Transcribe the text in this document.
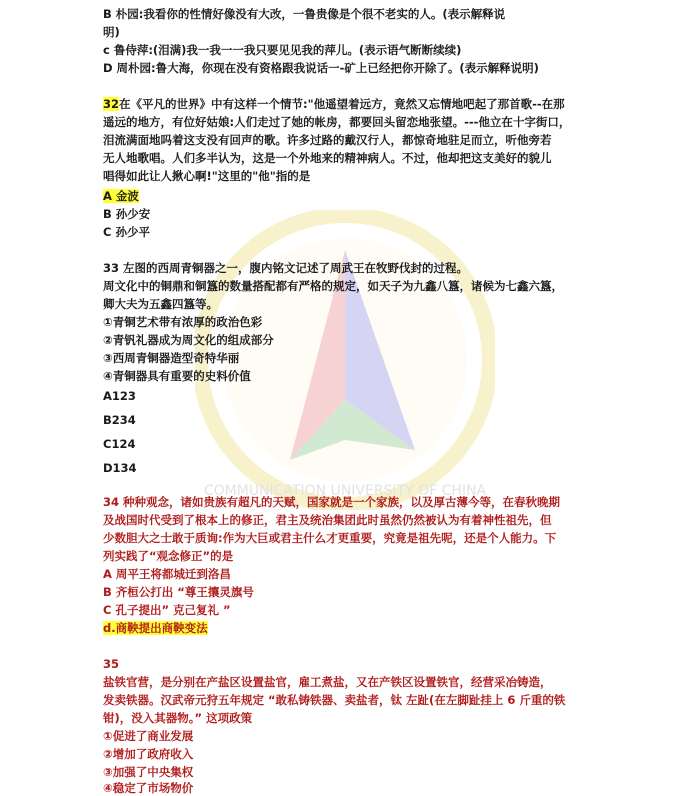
COMMUNICATION UNIVERSITY OF CHINA
B 朴园:我看你的性情好像没有大改，一鲁贵像是个很不老实的人。(表示解释说
明)
c 鲁侍萍:(泪满)我一我一一我只要见见我的萍儿。(表示语气断断续续)
D 周朴园:鲁大海，你现在没有资格跟我说话一-矿上已经把你开除了。(表示解释说明)
32在《平凡的世界》中有这样一个情节:"他遥望着远方，竟然又忘情地吧起了那首歌--在那
遥远的地方，有位好姑娘:人们走过了她的帐房，都要回头留恋地张望。---他立在十字街口，
泪流满面地吗着这支没有回声的歌。许多过路的戴汉行人，都惊奇地驻足而立，听他旁若
无人地歌唱。人们多半认为，这是一个外地来的精神病人。不过，他却把这支美好的貌儿
唱得如此让人揪心啊!"这里的"他"指的是
A 金波
B 孙少安
C 孙少平
33 左图的西周青铜器之一，腹内铭文记述了周武王在牧野伐封的过程。
周文化中的铜鼎和铜簋的数量搭配都有严格的规定，如天子为九鑫八簋，诸候为七鑫六簋，
卿大夫为五鑫四簋等。
①青铜艺术带有浓厚的政治色彩
②青钒礼器成为周文化的组成部分
③西周青铜器造型奇特华丽
④青铜器具有重要的史料价值
A123
B234
C124
D134
34 种种观念，诸如贵族有超凡的天赋，国家就是一个家族，以及厚古薄今等，在春秋晚期
及战国时代受到了根本上的修正，君主及统治集团此时虽然仍然被认为有着神性祖先，但
少数胆大之士敢于质询:作为大巨或君主什么才更重要，究竟是祖先呢，还是个人能力。下
列实践了“观念修正”的是
A 周平王将都城迁到洛昌
B 齐桓公打出 “尊王攘灵旗号
C 孔子提出” 克己复礼 ”
d.商鞅提出商鞅变法
35
盐铁官营，是分别在产盐区设置盐官，雇工煮盐，又在产铁区设置铁官，经营采冶铸造，
发卖铁器。汉武帝元狩五年规定 “敢私铸铁器、卖盐者，钛 左趾(在左脚趾挂上 6 斤重的铁
钳)，没入其器物。” 这项政策
①促进了商业发展
②增加了政府收入
③加强了中央集权
④稳定了市场物价
